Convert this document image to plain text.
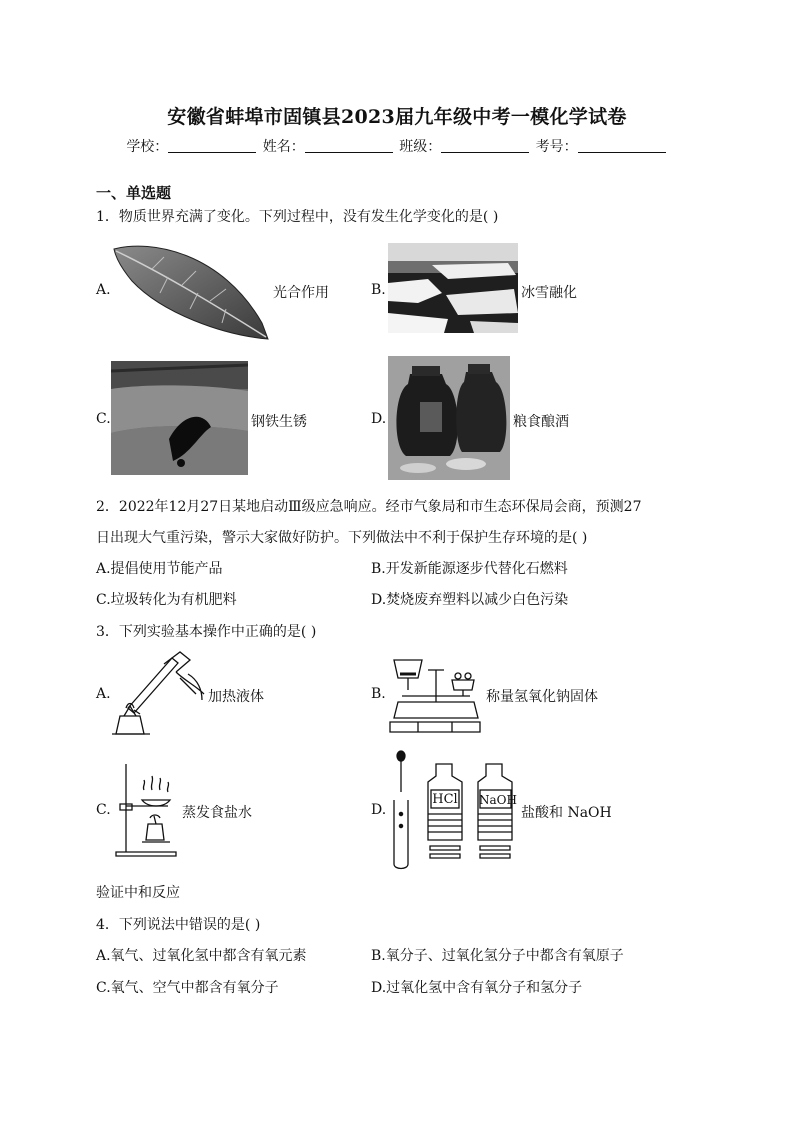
安徽省蚌埠市固镇县2023届九年级中考一模化学试卷
学校：	姓名：	班级：	考号：
一、单选题
1．物质世界充满了变化。下列过程中，没有发生化学变化的是( )
A.	光合作用	B.	冰雪融化
C.	钢铁生锈	D.	粮食酿酒
2．2022年12月27日某地启动Ⅲ级应急响应。经市气象局和市生态环保局会商，预测27
日出现大气重污染，警示大家做好防护。下列做法中不利于保护生存环境的是( )
A.提倡使用节能产品	B.开发新能源逐步代替化石燃料
C.垃圾转化为有机肥料	D.焚烧废弃塑料以减少白色污染
3．下列实验基本操作中正确的是( )
A.	加热液体	B.	称量氢氧化钠固体
C.	蒸发食盐水	D.
HCl NaOH
盐酸和 NaOH
验证中和反应
4．下列说法中错误的是( )
A.氧气、过氧化氢中都含有氧元素	B.氧分子、过氧化氢分子中都含有氧原子
C.氧气、空气中都含有氧分子	D.过氧化氢中含有氧分子和氢分子
